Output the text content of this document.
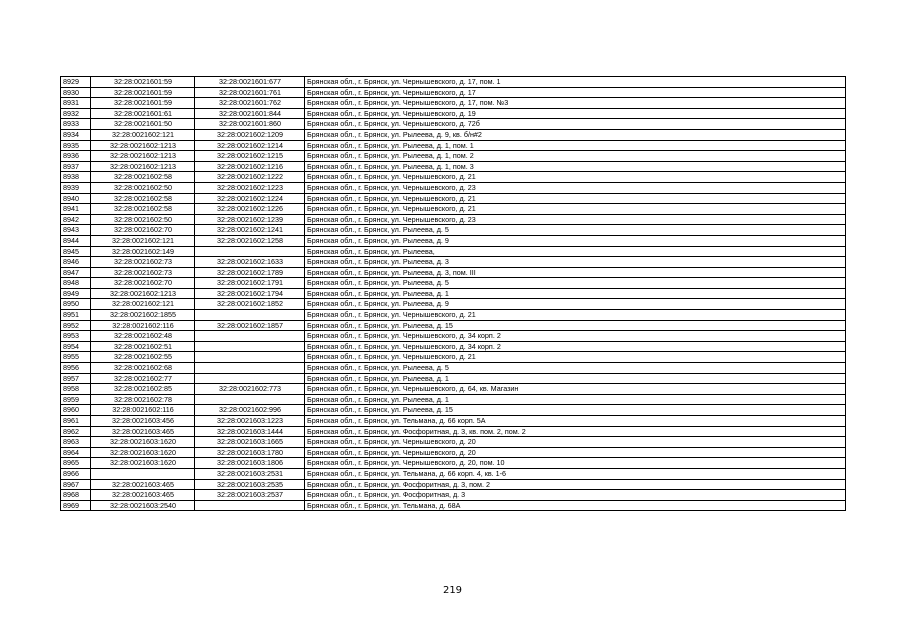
8929	32:28:0021601:59	32:28:0021601:677	Брянская обл., г. Брянск, ул. Чернышевского, д. 17, пом. 1
8930	32:28:0021601:59	32:28:0021601:761	Брянская обл., г. Брянск, ул. Чернышевского, д. 17
8931	32:28:0021601:59	32:28:0021601:762	Брянская обл., г. Брянск, ул. Чернышевского, д. 17, пом. №3
8932	32:28:0021601:61	32:28:0021601:844	Брянская обл., г. Брянск, ул. Чернышевского, д. 19
8933	32:28:0021601:50	32:28:0021601:860	Брянская обл., г. Брянск, ул. Чернышевского, д. 72б
8934	32:28:0021602:121	32:28:0021602:1209	Брянская обл., г. Брянск, ул. Рылеева, д. 9, кв. б/н#2
8935	32:28:0021602:1213	32:28:0021602:1214	Брянская обл., г. Брянск, ул. Рылеева, д. 1, пом. 1
8936	32:28:0021602:1213	32:28:0021602:1215	Брянская обл., г. Брянск, ул. Рылеева, д. 1, пом. 2
8937	32:28:0021602:1213	32:28:0021602:1216	Брянская обл., г. Брянск, ул. Рылеева, д. 1, пом. 3
8938	32:28:0021602:58	32:28:0021602:1222	Брянская обл., г. Брянск, ул. Чернышевского, д. 21
8939	32:28:0021602:50	32:28:0021602:1223	Брянская обл., г. Брянск, ул. Чернышевского, д. 23
8940	32:28:0021602:58	32:28:0021602:1224	Брянская обл., г. Брянск, ул. Чернышевского, д. 21
8941	32:28:0021602:58	32:28:0021602:1226	Брянская обл., г. Брянск, ул. Чернышевского, д. 21
8942	32:28:0021602:50	32:28:0021602:1239	Брянская обл., г. Брянск, ул. Чернышевского, д. 23
8943	32:28:0021602:70	32:28:0021602:1241	Брянская обл., г. Брянск, ул. Рылеева, д. 5
8944	32:28:0021602:121	32:28:0021602:1258	Брянская обл., г. Брянск, ул. Рылеева, д. 9
8945	32:28:0021602:149		Брянская обл., г. Брянск, ул. Рылеева,
8946	32:28:0021602:73	32:28:0021602:1633	Брянская обл., г. Брянск, ул. Рылеева, д. 3
8947	32:28:0021602:73	32:28:0021602:1789	Брянская обл., г. Брянск, ул. Рылеева, д. 3, пом. III
8948	32:28:0021602:70	32:28:0021602:1791	Брянская обл., г. Брянск, ул. Рылеева, д. 5
8949	32:28:0021602:1213	32:28:0021602:1794	Брянская обл., г. Брянск, ул. Рылеева, д. 1
8950	32:28:0021602:121	32:28:0021602:1852	Брянская обл., г. Брянск, ул. Рылеева, д. 9
8951	32:28:0021602:1855		Брянская обл., г. Брянск, ул. Чернышевского, д. 21
8952	32:28:0021602:116	32:28:0021602:1857	Брянская обл., г. Брянск, ул. Рылеева, д. 15
8953	32:28:0021602:48		Брянская обл., г. Брянск, ул. Чернышевского, д. 34 корп. 2
8954	32:28:0021602:51		Брянская обл., г. Брянск, ул. Чернышевского, д. 34 корп. 2
8955	32:28:0021602:55		Брянская обл., г. Брянск, ул. Чернышевского, д. 21
8956	32:28:0021602:68		Брянская обл., г. Брянск, ул. Рылеева, д. 5
8957	32:28:0021602:77		Брянская обл., г. Брянск, ул. Рылеева, д. 1
8958	32:28:0021602:85	32:28:0021602:773	Брянская обл., г. Брянск, ул. Чернышевского, д. 64, кв. Магазин
8959	32:28:0021602:78		Брянская обл., г. Брянск, ул. Рылеева, д. 1
8960	32:28:0021602:116	32:28:0021602:996	Брянская обл., г. Брянск, ул. Рылеева, д. 15
8961	32:28:0021603:456	32:28:0021603:1223	Брянская обл., г. Брянск, ул. Тельмана, д. 66 корп. 5А
8962	32:28:0021603:465	32:28:0021603:1444	Брянская обл., г. Брянск, ул. Фосфоритная, д. 3, кв. пом. 2, пом. 2
8963	32:28:0021603:1620	32:28:0021603:1665	Брянская обл., г. Брянск, ул. Чернышевского, д. 20
8964	32:28:0021603:1620	32:28:0021603:1780	Брянская обл., г. Брянск, ул. Чернышевского, д. 20
8965	32:28:0021603:1620	32:28:0021603:1806	Брянская обл., г. Брянск, ул. Чернышевского, д. 20, пом. 10
8966		32:28:0021603:2531	Брянская обл., г. Брянск, ул. Тельмана, д. 66 корп. 4, кв. 1-6
8967	32:28:0021603:465	32:28:0021603:2535	Брянская обл., г. Брянск, ул. Фосфоритная, д. 3, пом. 2
8968	32:28:0021603:465	32:28:0021603:2537	Брянская обл., г. Брянск, ул. Фосфоритная, д. 3
8969	32:28:0021603:2540		Брянская обл., г. Брянск, ул. Тельмана, д. 68А
219
